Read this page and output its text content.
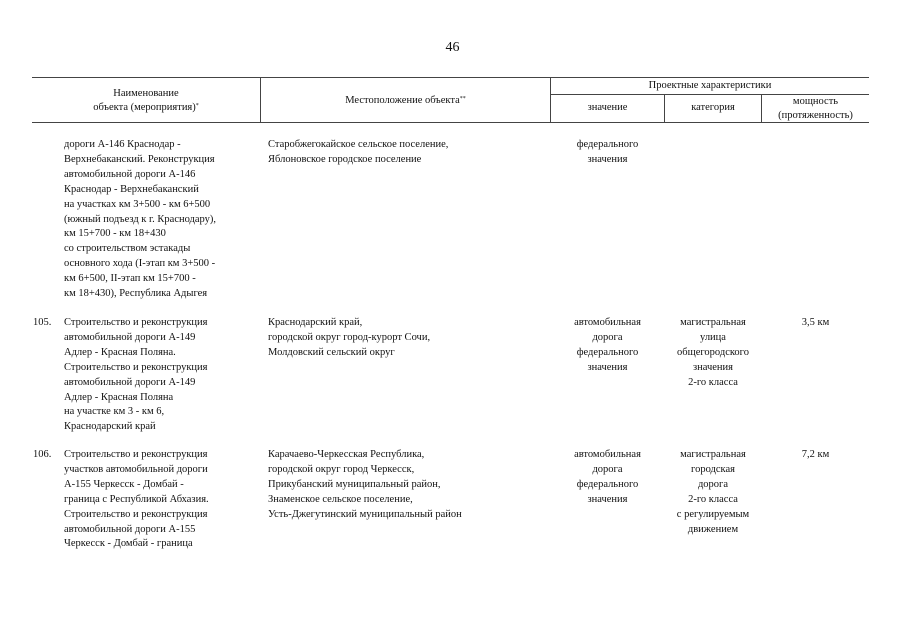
46
Наименование
объекта (мероприятия)*	Местоположение объекта**
Проектные характеристики
значение	категория
мощность
(протяженность)
дороги А-146 Краснодар -
Верхнебаканский. Реконструкция
автомобильной дороги А-146
Краснодар - Верхнебаканский
на участках км 3+500 - км 6+500
(южный подъезд к г. Краснодару),
км 15+700 - км 18+430
со строительством эстакады
основного хода (I-этап км 3+500 -
км 6+500, II-этап км 15+700 -
км 18+430), Республика Адыгея
Старобжегокайское сельское поселение,
Яблоновское городское поселение
федерального
значения
105. Строительство и реконструкция
автомобильной дороги А-149
Адлер - Красная Поляна.
Строительство и реконструкция
автомобильной дороги А-149
Адлер - Красная Поляна
на участке км 3 - км 6,
Краснодарский край
Краснодарский край,
городской округ город-курорт Сочи,
Молдовский сельский округ
автомобильная
дорога
федерального
значения
магистральная
улица
общегородского
значения
2-го класса
3,5 км
106. Строительство и реконструкция
участков автомобильной дороги
А-155 Черкесск - Домбай -
граница с Республикой Абхазия.
Строительство и реконструкция
автомобильной дороги А-155
Черкесск - Домбай - граница
Карачаево-Черкесская Республика,
городской округ город Черкесск,
Прикубанский муниципальный район,
Знаменское сельское поселение,
Усть-Джегутинский муниципальный район
автомобильная
дорога
федерального
значения
магистральная
городская
дорога
2-го класса
с регулируемым
движением
7,2 км
